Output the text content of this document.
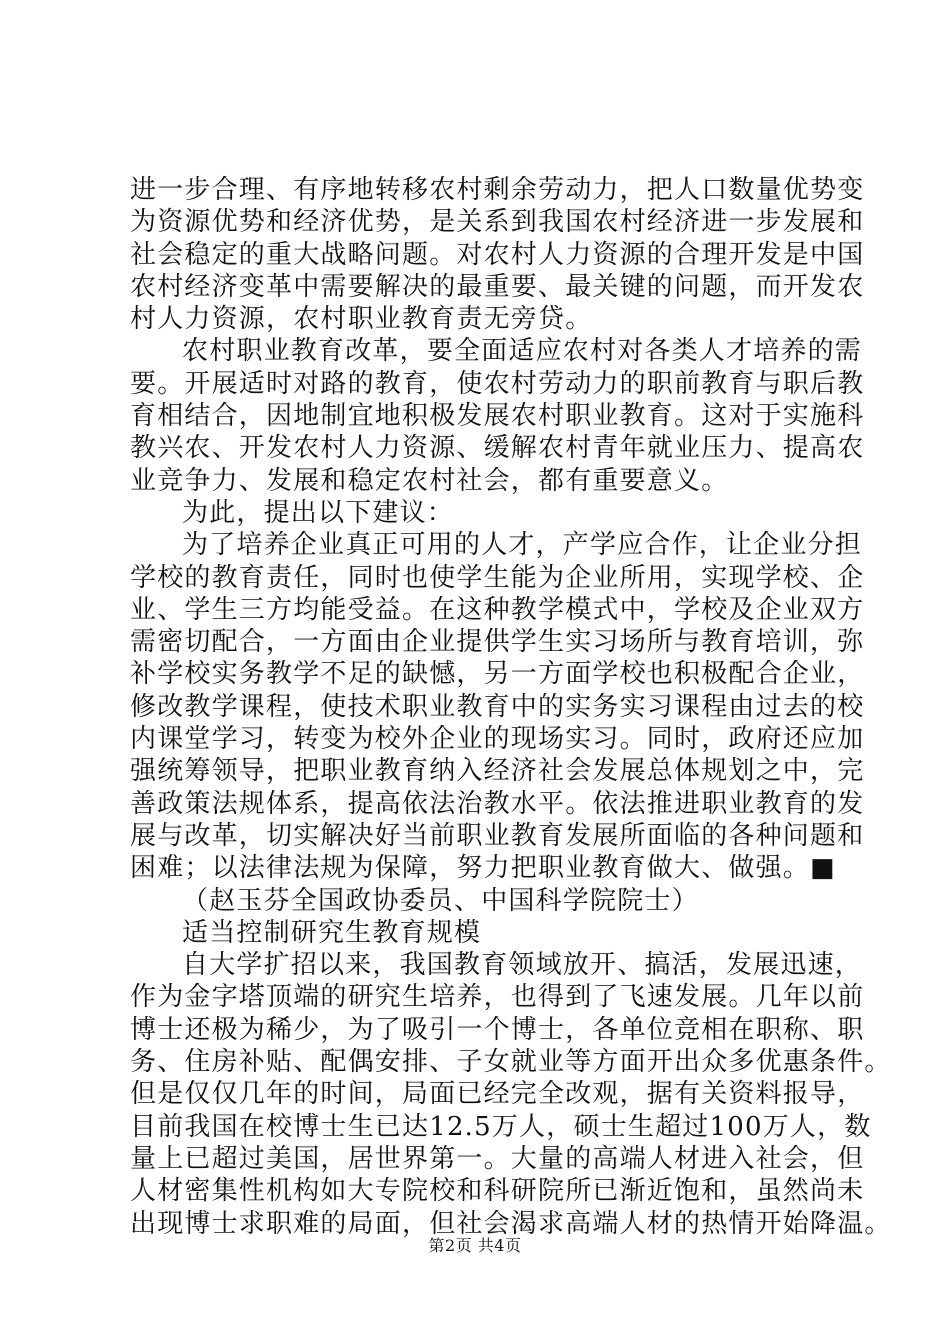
进一步合理、有序地转移农村剩余劳动力，把人口数量优势变
为资源优势和经济优势，是关系到我国农村经济进一步发展和
社会稳定的重大战略问题。对农村人力资源的合理开发是中国
农村经济变革中需要解决的最重要、最关键的问题，而开发农
村人力资源，农村职业教育责无旁贷。
农村职业教育改革，要全面适应农村对各类人才培养的需
要。开展适时对路的教育，使农村劳动力的职前教育与职后教
育相结合，因地制宜地积极发展农村职业教育。这对于实施科
教兴农、开发农村人力资源、缓解农村青年就业压力、提高农
业竞争力、发展和稳定农村社会，都有重要意义。
为此，提出以下建议：
为了培养企业真正可用的人才，产学应合作，让企业分担
学校的教育责任，同时也使学生能为企业所用，实现学校、企
业、学生三方均能受益。在这种教学模式中，学校及企业双方
需密切配合，一方面由企业提供学生实习场所与教育培训，弥
补学校实务教学不足的缺憾，另一方面学校也积极配合企业，
修改教学课程，使技术职业教育中的实务实习课程由过去的校
内课堂学习，转变为校外企业的现场实习。同时，政府还应加
强统筹领导，把职业教育纳入经济社会发展总体规划之中，完
善政策法规体系，提高依法治教水平。依法推进职业教育的发
展与改革，切实解决好当前职业教育发展所面临的各种问题和
困难；以法律法规为保障，努力把职业教育做大、做强。■
（赵玉芬全国政协委员、中国科学院院士）
适当控制研究生教育规模
自大学扩招以来，我国教育领域放开、搞活，发展迅速，
作为金字塔顶端的研究生培养，也得到了飞速发展。几年以前
博士还极为稀少，为了吸引一个博士，各单位竞相在职称、职
务、住房补贴、配偶安排、子女就业等方面开出众多优惠条件。
但是仅仅几年的时间，局面已经完全改观，据有关资料报导，
目前我国在校博士生已达12.5万人，硕士生超过100万人，数
量上已超过美国，居世界第一。大量的高端人材进入社会，但
人材密集性机构如大专院校和科研院所已渐近饱和，虽然尚未
出现博士求职难的局面，但社会渴求高端人材的热情开始降温。
第2页 共4页
